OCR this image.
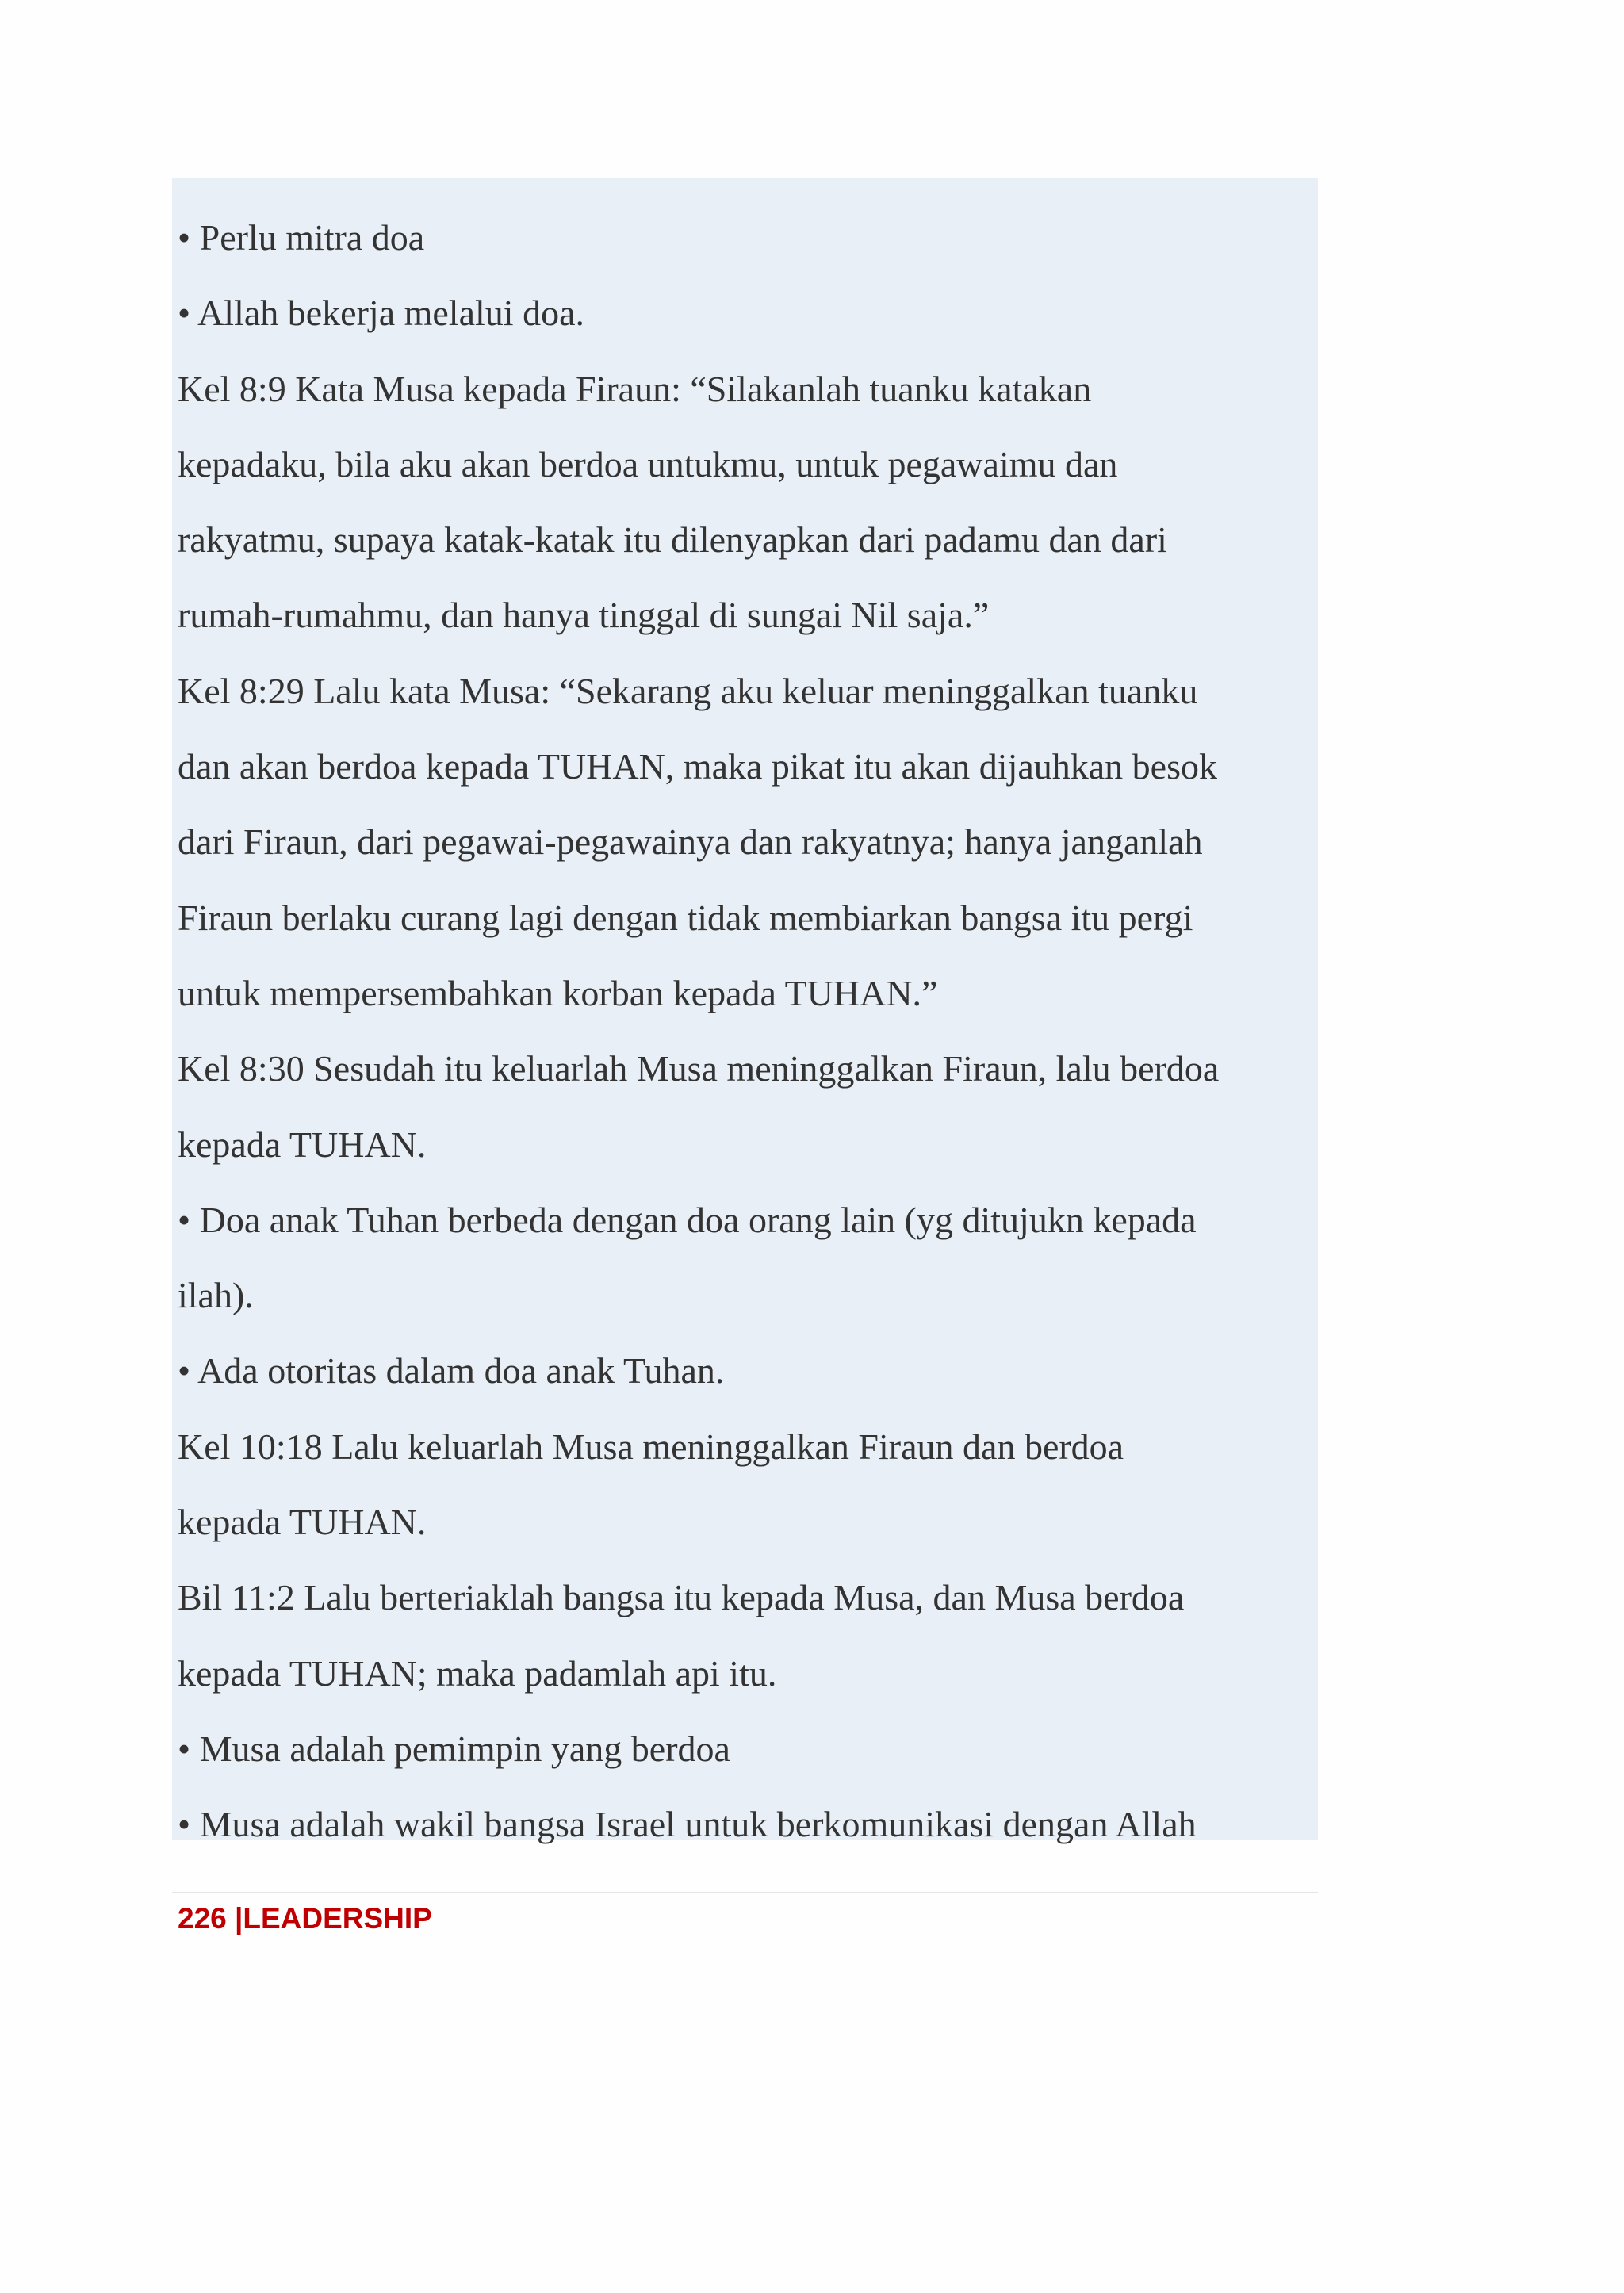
• Perlu mitra doa
• Allah bekerja melalui doa.
Kel 8:9 Kata Musa kepada Firaun: “Silakanlah tuanku katakan
kepadaku, bila aku akan berdoa untukmu, untuk pegawaimu dan
rakyatmu, supaya katak-katak itu dilenyapkan dari padamu dan dari
rumah-rumahmu, dan hanya tinggal di sungai Nil saja.”
Kel 8:29 Lalu kata Musa: “Sekarang aku keluar meninggalkan tuanku
dan akan berdoa kepada TUHAN, maka pikat itu akan dijauhkan besok
dari Firaun, dari pegawai-pegawainya dan rakyatnya; hanya janganlah
Firaun berlaku curang lagi dengan tidak membiarkan bangsa itu pergi
untuk mempersembahkan korban kepada TUHAN.”
Kel 8:30 Sesudah itu keluarlah Musa meninggalkan Firaun, lalu berdoa
kepada TUHAN.
• Doa anak Tuhan berbeda dengan doa orang lain (yg ditujukn kepada
ilah).
• Ada otoritas dalam doa anak Tuhan.
Kel 10:18 Lalu keluarlah Musa meninggalkan Firaun dan berdoa
kepada TUHAN.
Bil 11:2 Lalu berteriaklah bangsa itu kepada Musa, dan Musa berdoa
kepada TUHAN; maka padamlah api itu.
• Musa adalah pemimpin yang berdoa
• Musa adalah wakil bangsa Israel untuk berkomunikasi dengan Allah
226 |LEADERSHIP
